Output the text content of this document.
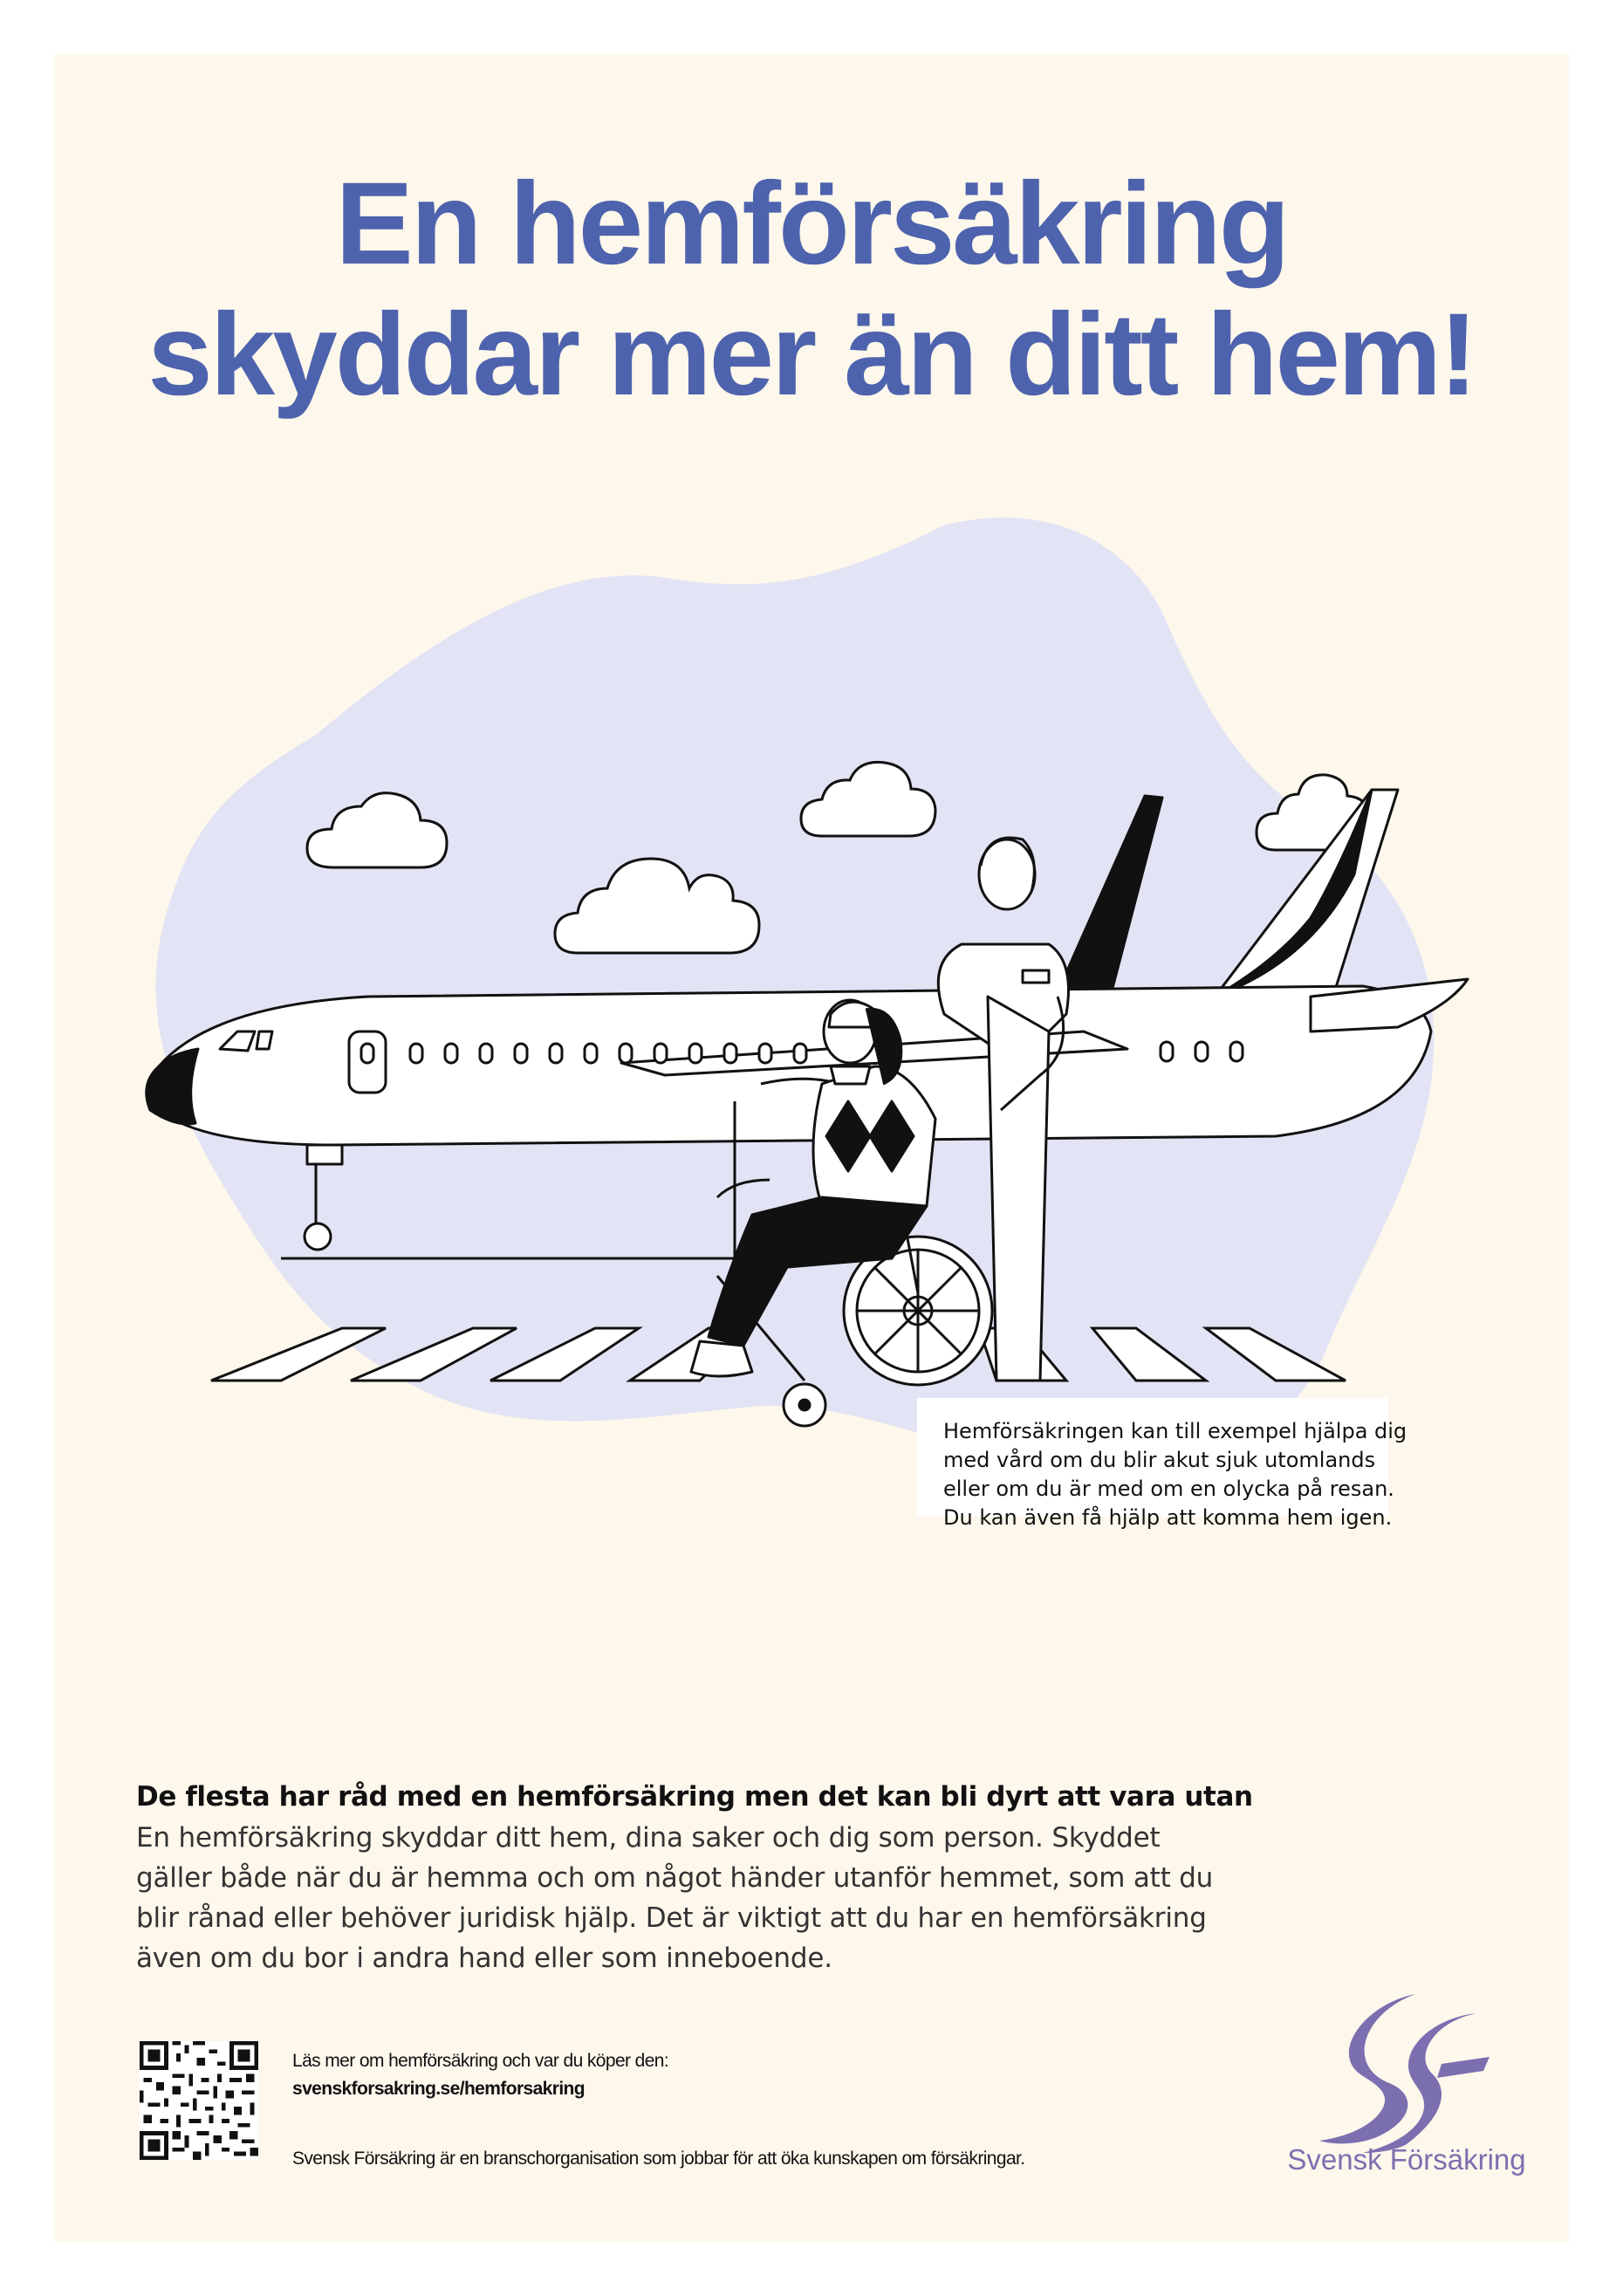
En hemförsäkring
skyddar mer än ditt hem!
Hemförsäkringen kan till exempel hjälpa dig
med vård om du blir akut sjuk utomlands
eller om du är med om en olycka på resan.
Du kan även få hjälp att komma hem igen.

De flesta har råd med en hemförsäkring men det kan bli dyrt att vara utan

En hemförsäkring skyddar ditt hem, dina saker och dig som person. Skyddet
gäller både när du är hemma och om något händer utanför hemmet, som att du
blir rånad eller behöver juridisk hjälp. Det är viktigt att du har en hemförsäkring
även om du bor i andra hand eller som inneboende.

Läs mer om hemförsäkring och var du köper den:
svenskforsakring.se/hemforsakring
Svensk Försäkring är en branschorganisation som jobbar för att öka kunskapen om försäkringar.	Svensk Försäkring
